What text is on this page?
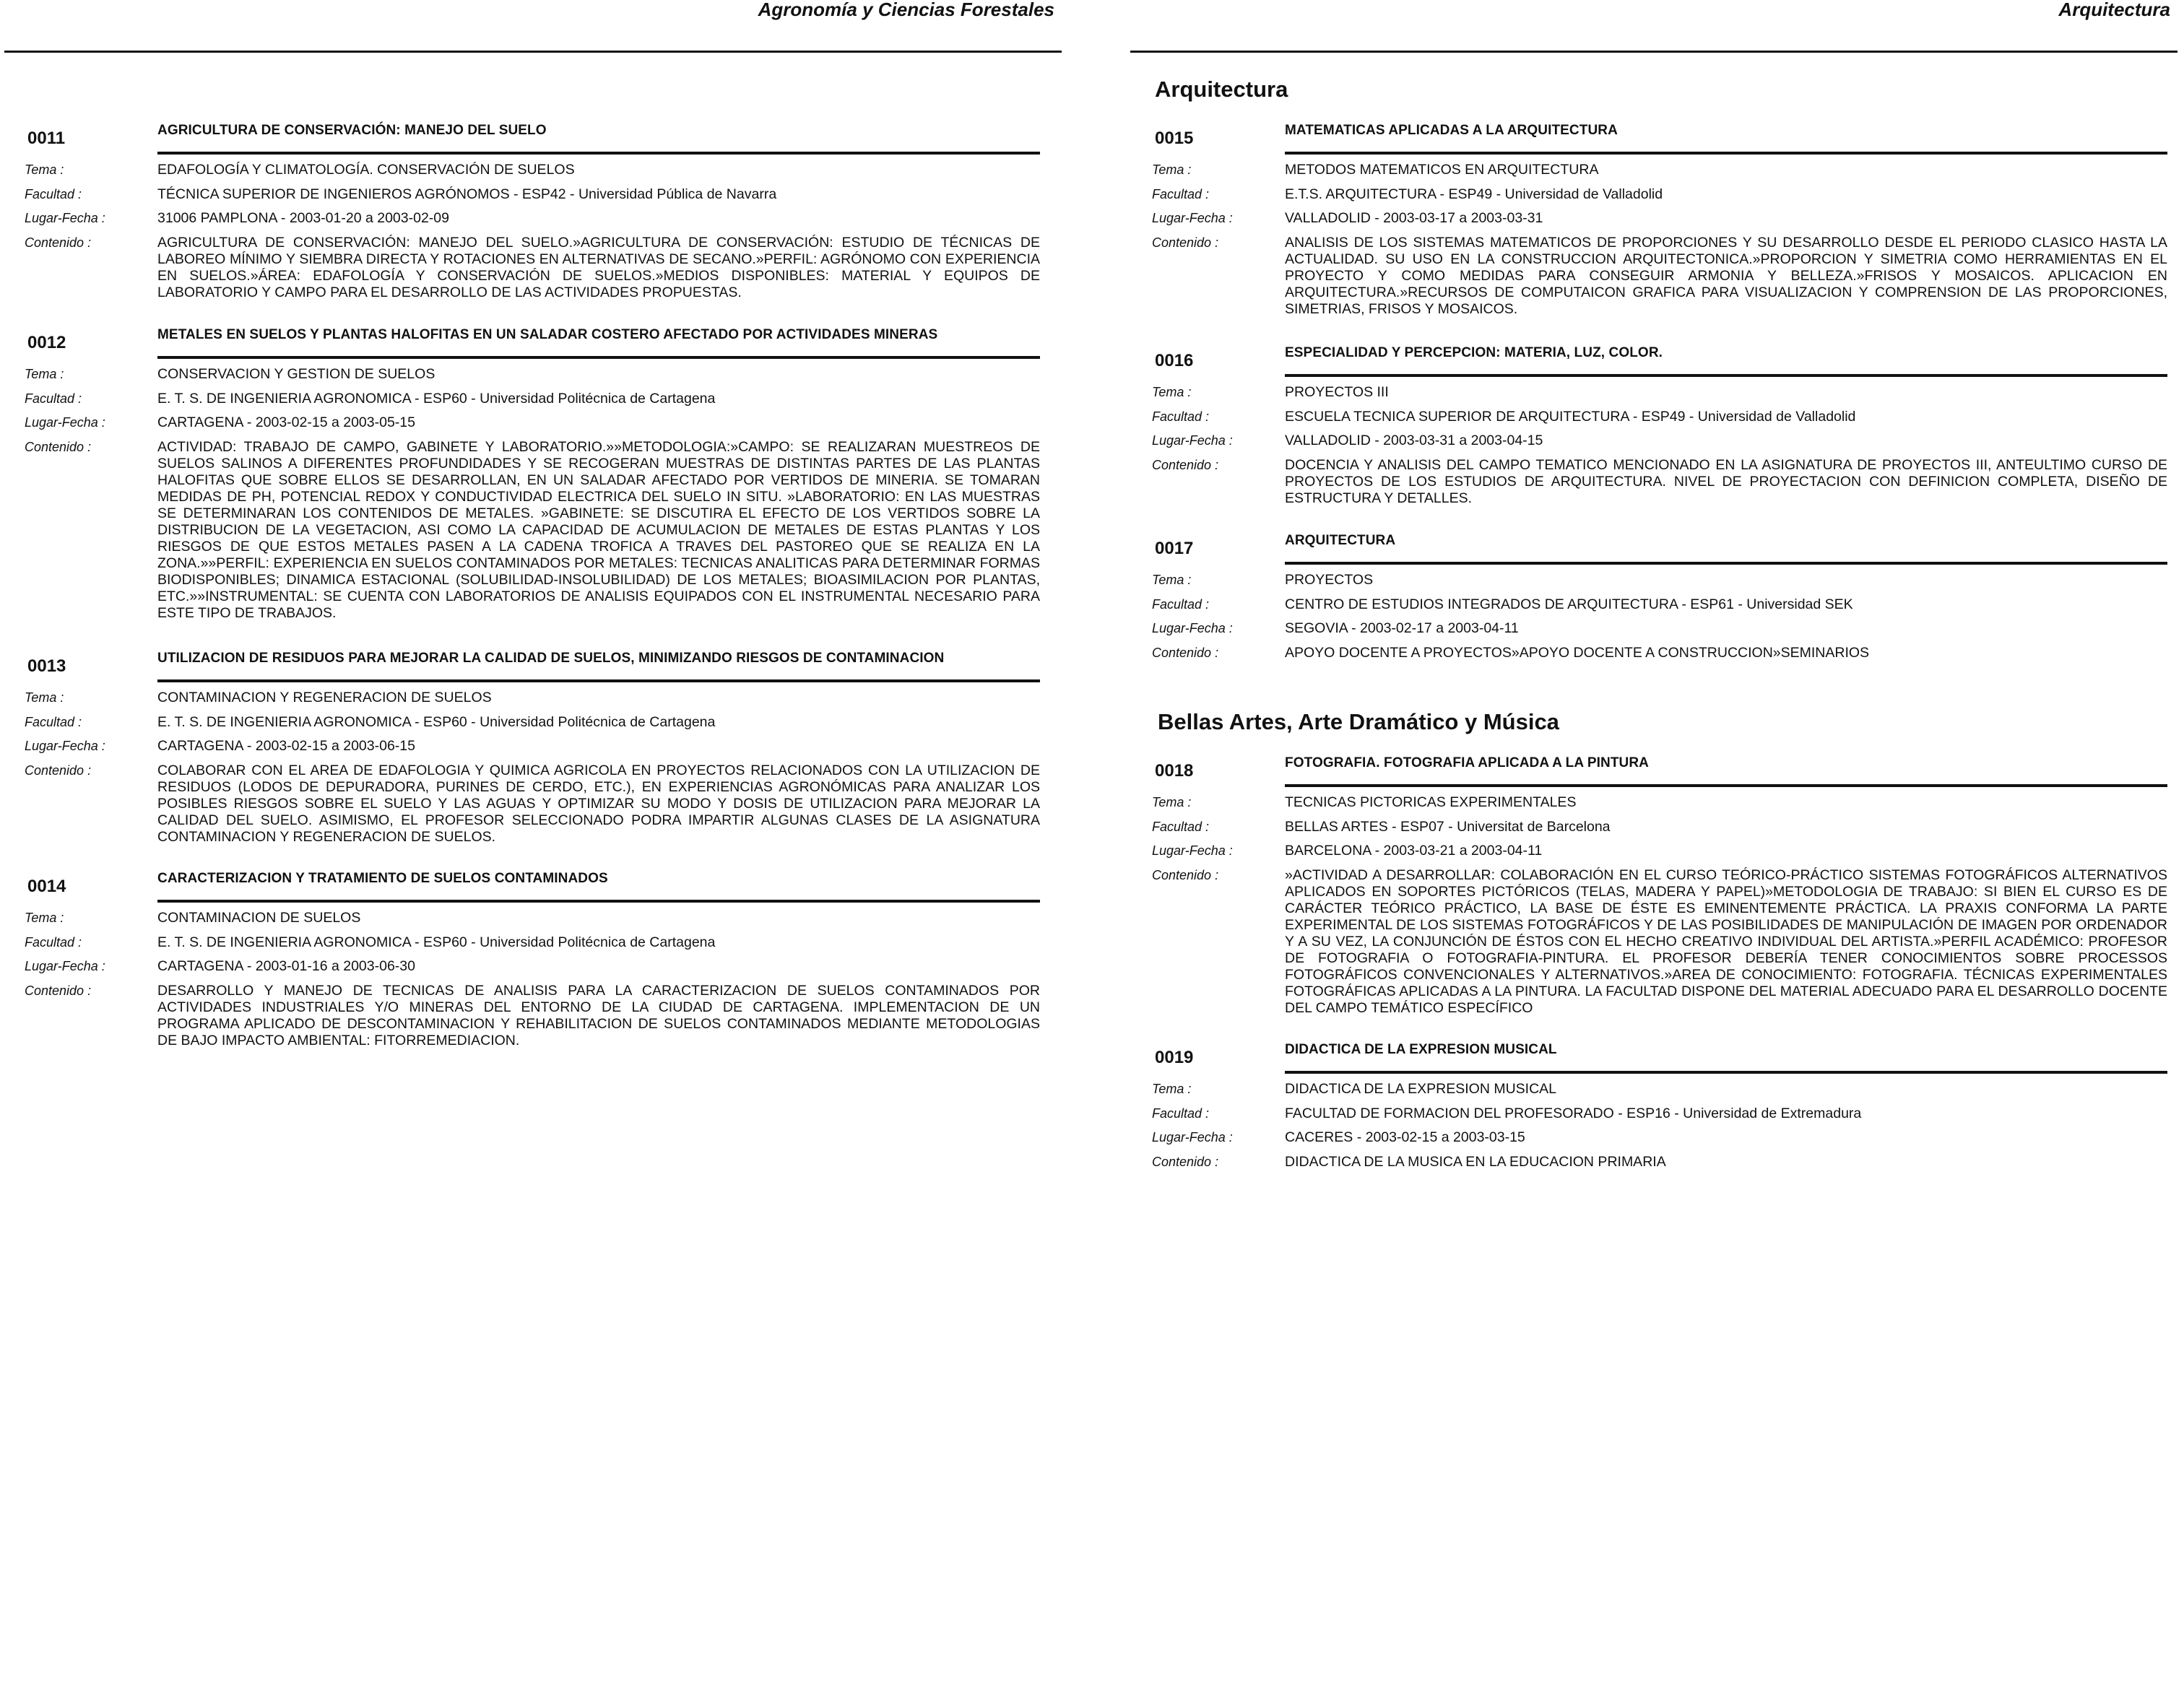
Agronomía y Ciencias Forestales
0011	AGRICULTURA DE CONSERVACIÓN: MANEJO DEL SUELO
Tema :	EDAFOLOGÍA Y CLIMATOLOGÍA. CONSERVACIÓN DE SUELOS
Facultad :	TÉCNICA SUPERIOR DE INGENIEROS AGRÓNOMOS - ESP42 - Universidad Pública de Navarra
Lugar-Fecha :	31006 PAMPLONA - 2003-01-20 a 2003-02-09
Contenido :	AGRICULTURA DE CONSERVACIÓN: MANEJO DEL SUELO.»AGRICULTURA DE CONSERVACIÓN: ESTUDIO DE TÉCNICAS DE LABOREO MÍNIMO Y SIEMBRA DIRECTA Y ROTACIONES EN ALTERNATIVAS DE SECANO.»PERFIL: AGRÓNOMO CON EXPERIENCIA EN SUELOS.»ÁREA: EDAFOLOGÍA Y CONSERVACIÓN DE SUELOS.»MEDIOS DISPONIBLES: MATERIAL Y EQUIPOS DE LABORATORIO Y CAMPO PARA EL DESARROLLO DE LAS ACTIVIDADES PROPUESTAS.
0012	METALES EN SUELOS Y PLANTAS HALOFITAS EN UN SALADAR COSTERO AFECTADO POR ACTIVIDADES MINERAS
Tema :	CONSERVACION Y GESTION DE SUELOS
Facultad :	E. T. S. DE INGENIERIA AGRONOMICA - ESP60 - Universidad Politécnica de Cartagena
Lugar-Fecha :	CARTAGENA - 2003-02-15 a 2003-05-15
Contenido :	ACTIVIDAD: TRABAJO DE CAMPO, GABINETE Y LABORATORIO.»»METODOLOGIA:»CAMPO: SE REALIZARAN MUESTREOS DE SUELOS SALINOS A DIFERENTES PROFUNDIDADES Y SE RECOGERAN MUESTRAS DE DISTINTAS PARTES DE LAS PLANTAS HALOFITAS QUE SOBRE ELLOS SE DESARROLLAN, EN UN SALADAR AFECTADO POR VERTIDOS DE MINERIA. SE TOMARAN MEDIDAS DE PH, POTENCIAL REDOX Y CONDUCTIVIDAD ELECTRICA DEL SUELO IN SITU. »LABORATORIO: EN LAS MUESTRAS SE DETERMINARAN LOS CONTENIDOS DE METALES. »GABINETE: SE DISCUTIRA EL EFECTO DE LOS VERTIDOS SOBRE LA DISTRIBUCION DE LA VEGETACION, ASI COMO LA CAPACIDAD DE ACUMULACION DE METALES DE ESTAS PLANTAS Y LOS RIESGOS DE QUE ESTOS METALES PASEN A LA CADENA TROFICA A TRAVES DEL PASTOREO QUE SE REALIZA EN LA ZONA.»»PERFIL: EXPERIENCIA EN SUELOS CONTAMINADOS POR METALES: TECNICAS ANALITICAS PARA DETERMINAR FORMAS BIODISPONIBLES; DINAMICA ESTACIONAL (SOLUBILIDAD-INSOLUBILIDAD) DE LOS METALES; BIOASIMILACION POR PLANTAS, ETC.»»INSTRUMENTAL: SE CUENTA CON LABORATORIOS DE ANALISIS EQUIPADOS CON EL INSTRUMENTAL NECESARIO PARA ESTE TIPO DE TRABAJOS.
0013	UTILIZACION DE RESIDUOS PARA MEJORAR LA CALIDAD DE SUELOS, MINIMIZANDO RIESGOS DE CONTAMINACION
Tema :	CONTAMINACION Y REGENERACION DE SUELOS
Facultad :	E. T. S. DE INGENIERIA AGRONOMICA - ESP60 - Universidad Politécnica de Cartagena
Lugar-Fecha :	CARTAGENA - 2003-02-15 a 2003-06-15
Contenido :	COLABORAR CON EL AREA DE EDAFOLOGIA Y QUIMICA AGRICOLA EN PROYECTOS RELACIONADOS CON LA UTILIZACION DE RESIDUOS (LODOS DE DEPURADORA, PURINES DE CERDO, ETC.), EN EXPERIENCIAS AGRONÓMICAS PARA ANALIZAR LOS POSIBLES RIESGOS SOBRE EL SUELO Y LAS AGUAS Y OPTIMIZAR SU MODO Y DOSIS DE UTILIZACION PARA MEJORAR LA CALIDAD DEL SUELO. ASIMISMO, EL PROFESOR SELECCIONADO PODRA IMPARTIR ALGUNAS CLASES DE LA ASIGNATURA CONTAMINACION Y REGENERACION DE SUELOS.
0014	CARACTERIZACION Y TRATAMIENTO DE SUELOS CONTAMINADOS
Tema :	CONTAMINACION DE SUELOS
Facultad :	E. T. S. DE INGENIERIA AGRONOMICA - ESP60 - Universidad Politécnica de Cartagena
Lugar-Fecha :	CARTAGENA - 2003-01-16 a 2003-06-30
Contenido :	DESARROLLO Y MANEJO DE TECNICAS DE ANALISIS PARA LA CARACTERIZACION DE SUELOS CONTAMINADOS POR ACTIVIDADES INDUSTRIALES Y/O MINERAS DEL ENTORNO DE LA CIUDAD DE CARTAGENA. IMPLEMENTACION DE UN PROGRAMA APLICADO DE DESCONTAMINACION Y REHABILITACION DE SUELOS CONTAMINADOS MEDIANTE METODOLOGIAS DE BAJO IMPACTO AMBIENTAL: FITORREMEDIACION.
Arquitectura
Arquitectura
0015	MATEMATICAS APLICADAS A LA ARQUITECTURA
Tema :	METODOS MATEMATICOS EN ARQUITECTURA
Facultad :	E.T.S. ARQUITECTURA - ESP49 - Universidad de Valladolid
Lugar-Fecha :	VALLADOLID - 2003-03-17 a 2003-03-31
Contenido :	ANALISIS DE LOS SISTEMAS MATEMATICOS DE PROPORCIONES Y SU DESARROLLO DESDE EL PERIODO CLASICO HASTA LA ACTUALIDAD. SU USO EN LA CONSTRUCCION ARQUITECTONICA.»PROPORCION Y SIMETRIA COMO HERRAMIENTAS EN EL PROYECTO Y COMO MEDIDAS PARA CONSEGUIR ARMONIA Y BELLEZA.»FRISOS Y MOSAICOS. APLICACION EN ARQUITECTURA.»RECURSOS DE COMPUTAICON GRAFICA PARA VISUALIZACION Y COMPRENSION DE LAS PROPORCIONES, SIMETRIAS, FRISOS Y MOSAICOS.
0016	ESPECIALIDAD Y PERCEPCION: MATERIA, LUZ, COLOR.
Tema :	PROYECTOS III
Facultad :	ESCUELA TECNICA SUPERIOR DE ARQUITECTURA - ESP49 - Universidad de Valladolid
Lugar-Fecha :	VALLADOLID - 2003-03-31 a 2003-04-15
Contenido :	DOCENCIA Y ANALISIS DEL CAMPO TEMATICO MENCIONADO EN LA ASIGNATURA DE PROYECTOS III, ANTEULTIMO CURSO DE PROYECTOS DE LOS ESTUDIOS DE ARQUITECTURA. NIVEL DE PROYECTACION CON DEFINICION COMPLETA, DISEÑO DE ESTRUCTURA Y DETALLES.
0017	ARQUITECTURA
Tema :	PROYECTOS
Facultad :	CENTRO DE ESTUDIOS INTEGRADOS DE ARQUITECTURA - ESP61 - Universidad SEK
Lugar-Fecha :	SEGOVIA - 2003-02-17 a 2003-04-11
Contenido :	APOYO DOCENTE A PROYECTOS»APOYO DOCENTE A CONSTRUCCION»SEMINARIOS
Bellas Artes, Arte Dramático y Música
0018	FOTOGRAFIA. FOTOGRAFIA APLICADA A LA PINTURA
Tema :	TECNICAS PICTORICAS EXPERIMENTALES
Facultad :	BELLAS ARTES - ESP07 - Universitat de Barcelona
Lugar-Fecha :	BARCELONA - 2003-03-21 a 2003-04-11
Contenido :	»ACTIVIDAD A DESARROLLAR: COLABORACIÓN EN EL CURSO TEÓRICO-PRÁCTICO SISTEMAS FOTOGRÁFICOS ALTERNATIVOS APLICADOS EN SOPORTES PICTÓRICOS (TELAS, MADERA Y PAPEL)»METODOLOGIA DE TRABAJO: SI BIEN EL CURSO ES DE CARÁCTER TEÓRICO PRÁCTICO, LA BASE DE ÉSTE ES EMINENTEMENTE PRÁCTICA. LA PRAXIS CONFORMA LA PARTE EXPERIMENTAL DE LOS SISTEMAS FOTOGRÁFICOS Y DE LAS POSIBILIDADES DE MANIPULACIÓN DE IMAGEN POR ORDENADOR Y A SU VEZ, LA CONJUNCIÓN DE ÉSTOS CON EL HECHO CREATIVO INDIVIDUAL DEL ARTISTA.»PERFIL ACADÉMICO: PROFESOR DE FOTOGRAFIA O FOTOGRAFIA-PINTURA. EL PROFESOR DEBERÍA TENER CONOCIMIENTOS SOBRE PROCESSOS FOTOGRÁFICOS CONVENCIONALES Y ALTERNATIVOS.»AREA DE CONOCIMIENTO: FOTOGRAFIA. TÉCNICAS EXPERIMENTALES FOTOGRÁFICAS APLICADAS A LA PINTURA. LA FACULTAD DISPONE DEL MATERIAL ADECUADO PARA EL DESARROLLO DOCENTE DEL CAMPO TEMÁTICO ESPECÍFICO
0019	DIDACTICA DE LA EXPRESION MUSICAL
Tema :	DIDACTICA DE LA EXPRESION MUSICAL
Facultad :	FACULTAD DE FORMACION DEL PROFESORADO - ESP16 - Universidad de Extremadura
Lugar-Fecha :	CACERES - 2003-02-15 a 2003-03-15
Contenido :	DIDACTICA DE LA MUSICA EN LA EDUCACION PRIMARIA
